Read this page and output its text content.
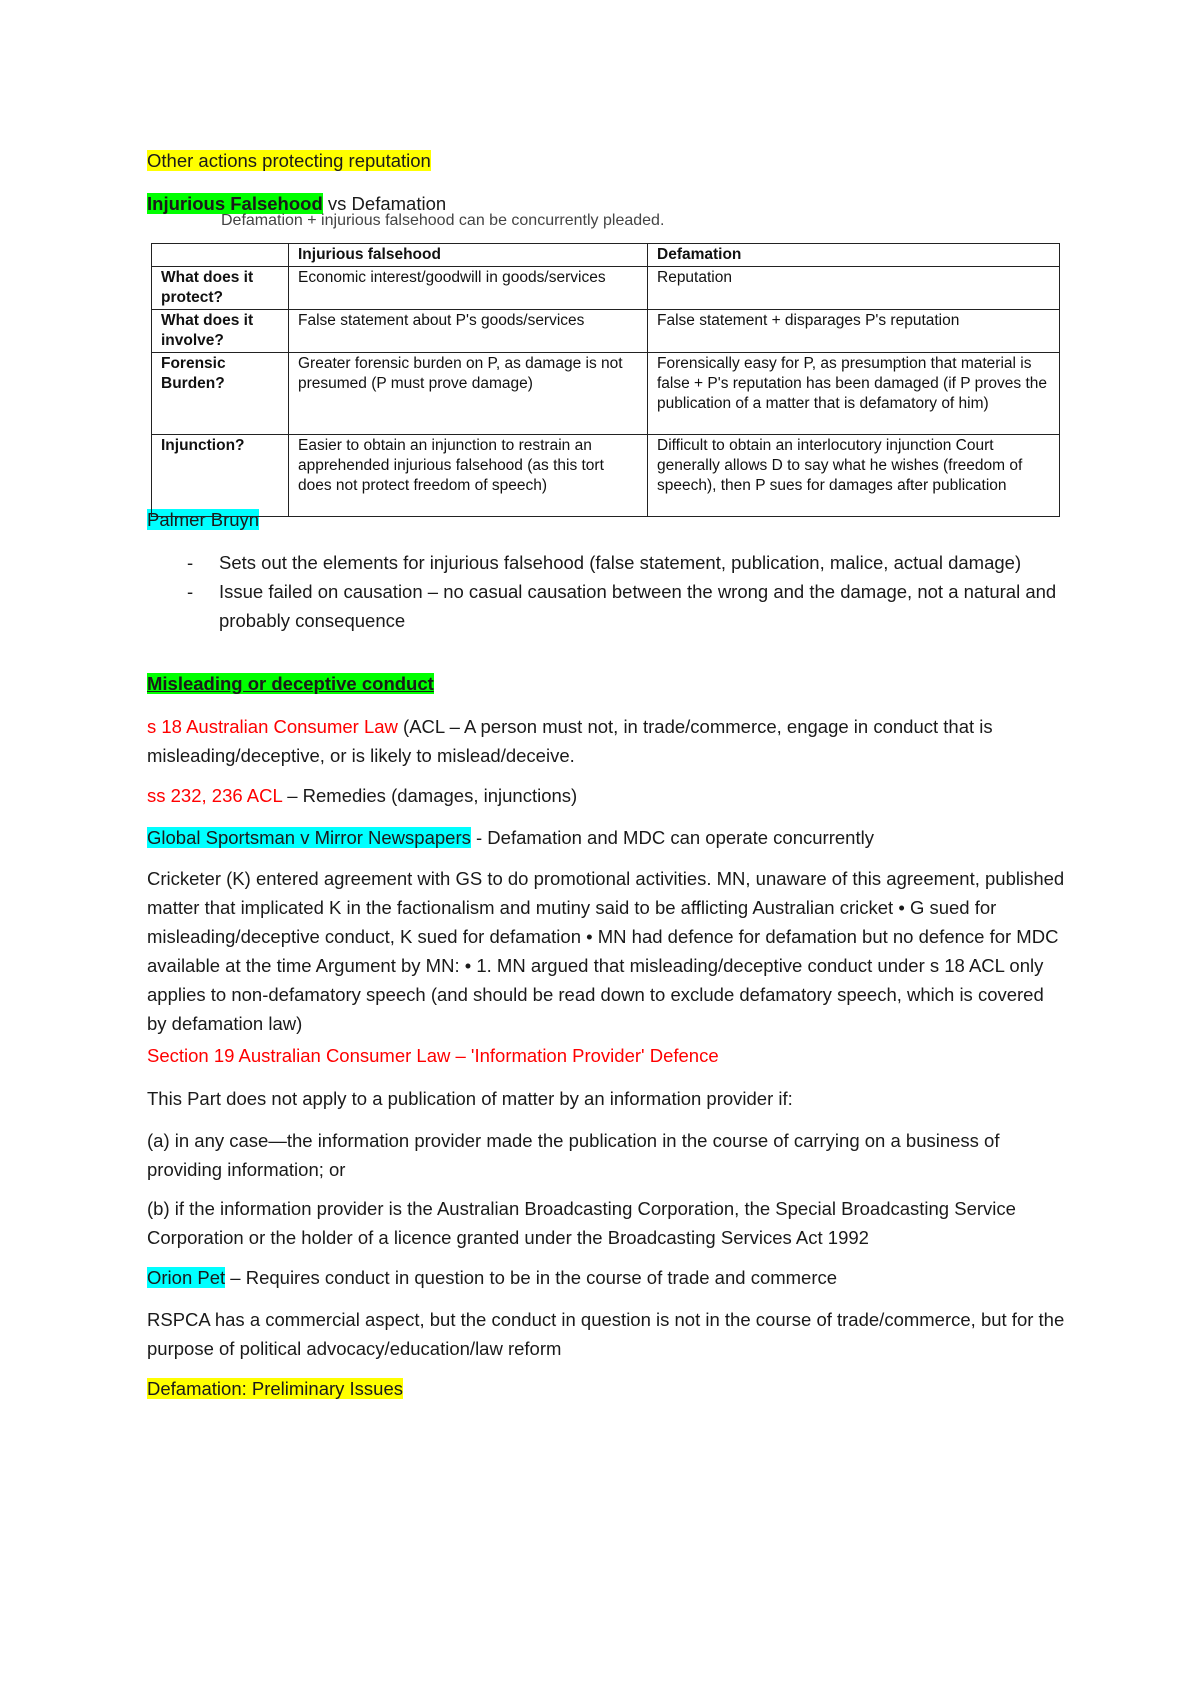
Other actions protecting reputation
Injurious Falsehood vs Defamation
Palmer Bruyn
- Sets out the elements for injurious falsehood (false statement, publication, malice, actual damage)
- Issue failed on causation – no casual causation between the wrong and the damage, not a natural and probably consequence
Misleading or deceptive conduct
s 18 Australian Consumer Law (ACL – A person must not, in trade/commerce, engage in conduct that is misleading/deceptive, or is likely to mislead/deceive.
ss 232, 236 ACL – Remedies (damages, injunctions)
Global Sportsman v Mirror Newspapers - Defamation and MDC can operate concurrently
Cricketer (K) entered agreement with GS to do promotional activities. MN, unaware of this agreement, published matter that implicated K in the factionalism and mutiny said to be afflicting Australian cricket • G sued for misleading/deceptive conduct, K sued for defamation • MN had defence for defamation but no defence for MDC available at the time Argument by MN: • 1. MN argued that misleading/deceptive conduct under s 18 ACL only applies to non-defamatory speech (and should be read down to exclude defamatory speech, which is covered by defamation law)
Section 19 Australian Consumer Law – 'Information Provider' Defence
This Part does not apply to a publication of matter by an information provider if:
(a) in any case—the information provider made the publication in the course of carrying on a business of providing information; or
(b) if the information provider is the Australian Broadcasting Corporation, the Special Broadcasting Service Corporation or the holder of a licence granted under the Broadcasting Services Act 1992
Orion Pet – Requires conduct in question to be in the course of trade and commerce
RSPCA has a commercial aspect, but the conduct in question is not in the course of trade/commerce, but for the purpose of political advocacy/education/law reform
Defamation: Preliminary Issues
Defamation + injurious falsehood can be concurrently pleaded.
	Injurious falsehood	Defamation
What does it protect?	Economic interest/goodwill in goods/services	Reputation
What does it involve?	False statement about P's goods/services	False statement + disparages P's reputation
Forensic Burden?	Greater forensic burden on P, as damage is not presumed (P must prove damage)	Forensically easy for P, as presumption that material is false + P's reputation has been damaged (if P proves the publication of a matter that is defamatory of him)
Injunction?	Easier to obtain an injunction to restrain an apprehended injurious falsehood (as this tort does not protect freedom of speech)	Difficult to obtain an interlocutory injunction Court generally allows D to say what he wishes (freedom of speech), then P sues for damages after publication
